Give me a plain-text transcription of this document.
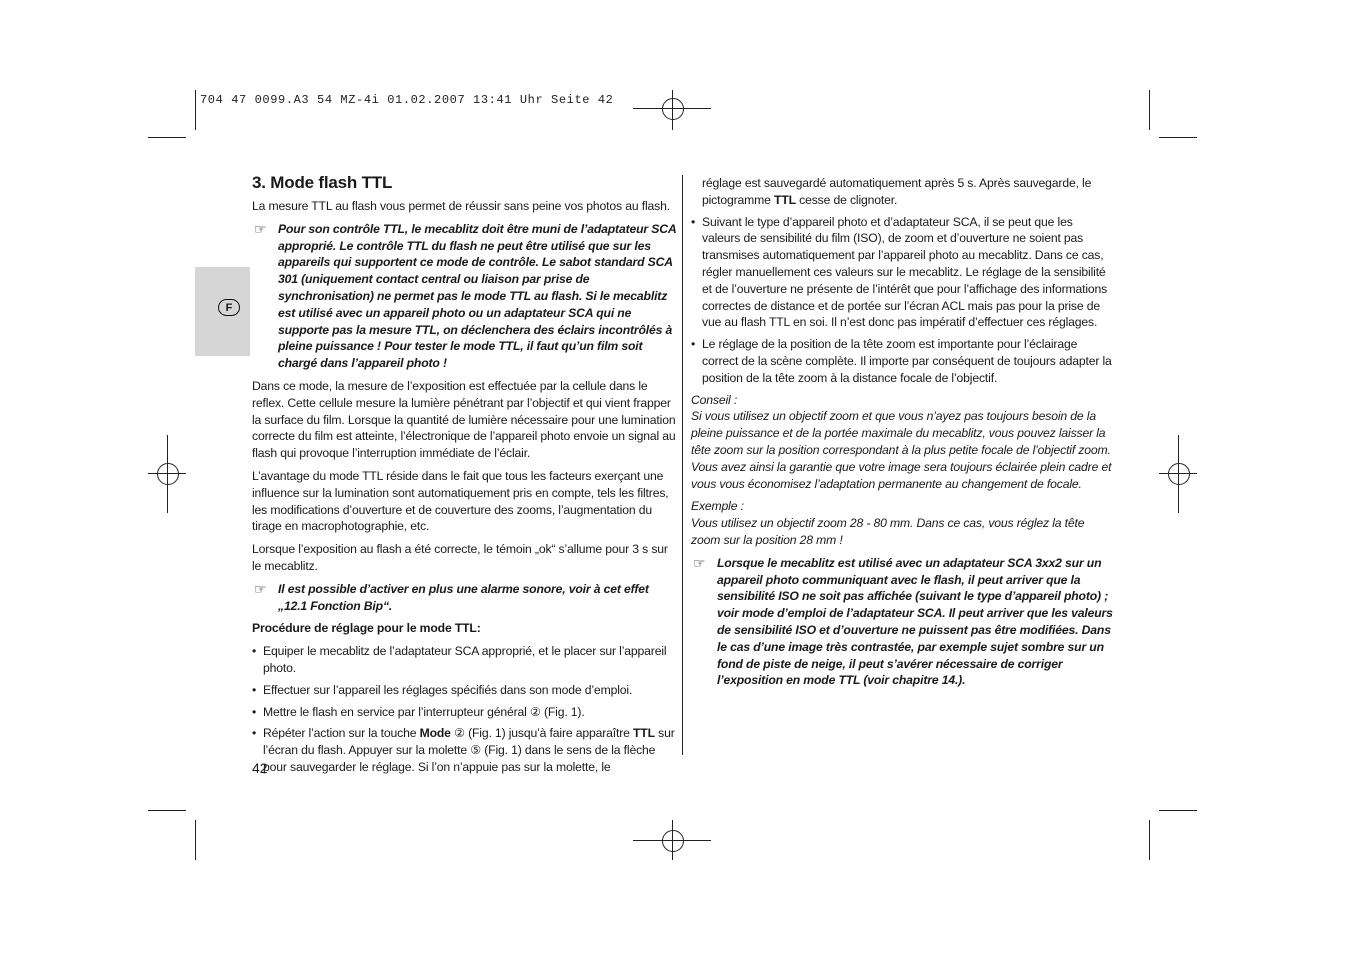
704 47 0099.A3 54 MZ-4i 01.02.2007 13:41 Uhr Seite 42
F
3. Mode flash TTL

La mesure TTL au flash vous permet de réussir sans peine vos photos au flash.

☞ Pour son contrôle TTL, le mecablitz doit être muni de l’adaptateur SCA approprié. Le contrôle TTL du flash ne peut être utilisé que sur les appareils qui supportent ce mode de contrôle. Le sabot standard SCA 301 (uniquement contact central ou liaison par prise de synchronisation) ne permet pas le mode TTL au flash. Si le mecablitz est utilisé avec un appareil photo ou un adaptateur SCA qui ne supporte pas la mesure TTL, on déclenchera des éclairs incontrôlés à pleine puissance ! Pour tester le mode TTL, il faut qu’un film soit chargé dans l’appareil photo !

Dans ce mode, la mesure de l’exposition est effectuée par la cellule dans le reflex. Cette cellule mesure la lumière pénétrant par l’objectif et qui vient frapper la surface du film. Lorsque la quantité de lumière nécessaire pour une lumination correcte du film est atteinte, l’électronique de l’appareil photo envoie un signal au flash qui provoque l’interruption immédiate de l’éclair.

L’avantage du mode TTL réside dans le fait que tous les facteurs exerçant une influence sur la lumination sont automatiquement pris en compte, tels les filtres, les modifications d’ouverture et de couverture des zooms, l’augmentation du tirage en macrophotographie, etc.

Lorsque l’exposition au flash a été correcte, le témoin „ok“ s’allume pour 3 s sur le mecablitz.

☞ Il est possible d’activer en plus une alarme sonore, voir à cet effet „12.1 Fonction Bip“.
Procédure de réglage pour le mode TTL:
• Equiper le mecablitz de l’adaptateur SCA approprié, et le placer sur l’appareil photo.
• Effectuer sur l’appareil les réglages spécifiés dans son mode d’emploi.
• Mettre le flash en service par l’interrupteur général ② (Fig. 1).
• Répéter l’action sur la touche Mode ② (Fig. 1) jusqu’à faire apparaître TTL sur l’écran du flash. Appuyer sur la molette ⑤ (Fig. 1) dans le sens de la flèche pour sauvegarder le réglage. Si l’on n’appuie pas sur la molette, le
réglage est sauvegardé automatiquement après 5 s. Après sauvegarde, le pictogramme TTL cesse de clignoter.
• Suivant le type d’appareil photo et d’adaptateur SCA, il se peut que les valeurs de sensibilité du film (ISO), de zoom et d’ouverture ne soient pas transmises automatiquement par l’appareil photo au mecablitz. Dans ce cas, régler manuellement ces valeurs sur le mecablitz. Le réglage de la sensibilité et de l’ouverture ne présente de l’intérêt que pour l’affichage des informations correctes de distance et de portée sur l’écran ACL mais pas pour la prise de vue au flash TTL en soi. Il n’est donc pas impératif d’effectuer ces réglages.
• Le réglage de la position de la tête zoom est importante pour l’éclairage correct de la scène complète. Il importe par conséquent de toujours adapter la position de la tête zoom à la distance focale de l’objectif.

Conseil :

Si vous utilisez un objectif zoom et que vous n’ayez pas toujours besoin de la pleine puissance et de la portée maximale du mecablitz, vous pouvez laisser la tête zoom sur la position correspondant à la plus petite focale de l’objectif zoom. Vous avez ainsi la garantie que votre image sera toujours éclairée plein cadre et vous vous économisez l’adaptation permanente au changement de focale.

Exemple :

Vous utilisez un objectif zoom 28 - 80 mm. Dans ce cas, vous réglez la tête zoom sur la position 28 mm !

☞ Lorsque le mecablitz est utilisé avec un adaptateur SCA 3xx2 sur un appareil photo communiquant avec le flash, il peut arriver que la sensibilité ISO ne soit pas affichée (suivant le type d’appareil photo) ; voir mode d’emploi de l’adaptateur SCA. Il peut arriver que les valeurs de sensibilité ISO et d’ouverture ne puissent pas être modifiées. Dans le cas d’une image très contrastée, par exemple sujet sombre sur un fond de piste de neige, il peut s’avérer nécessaire de corriger l’exposition en mode TTL (voir chapitre 14.).
42
